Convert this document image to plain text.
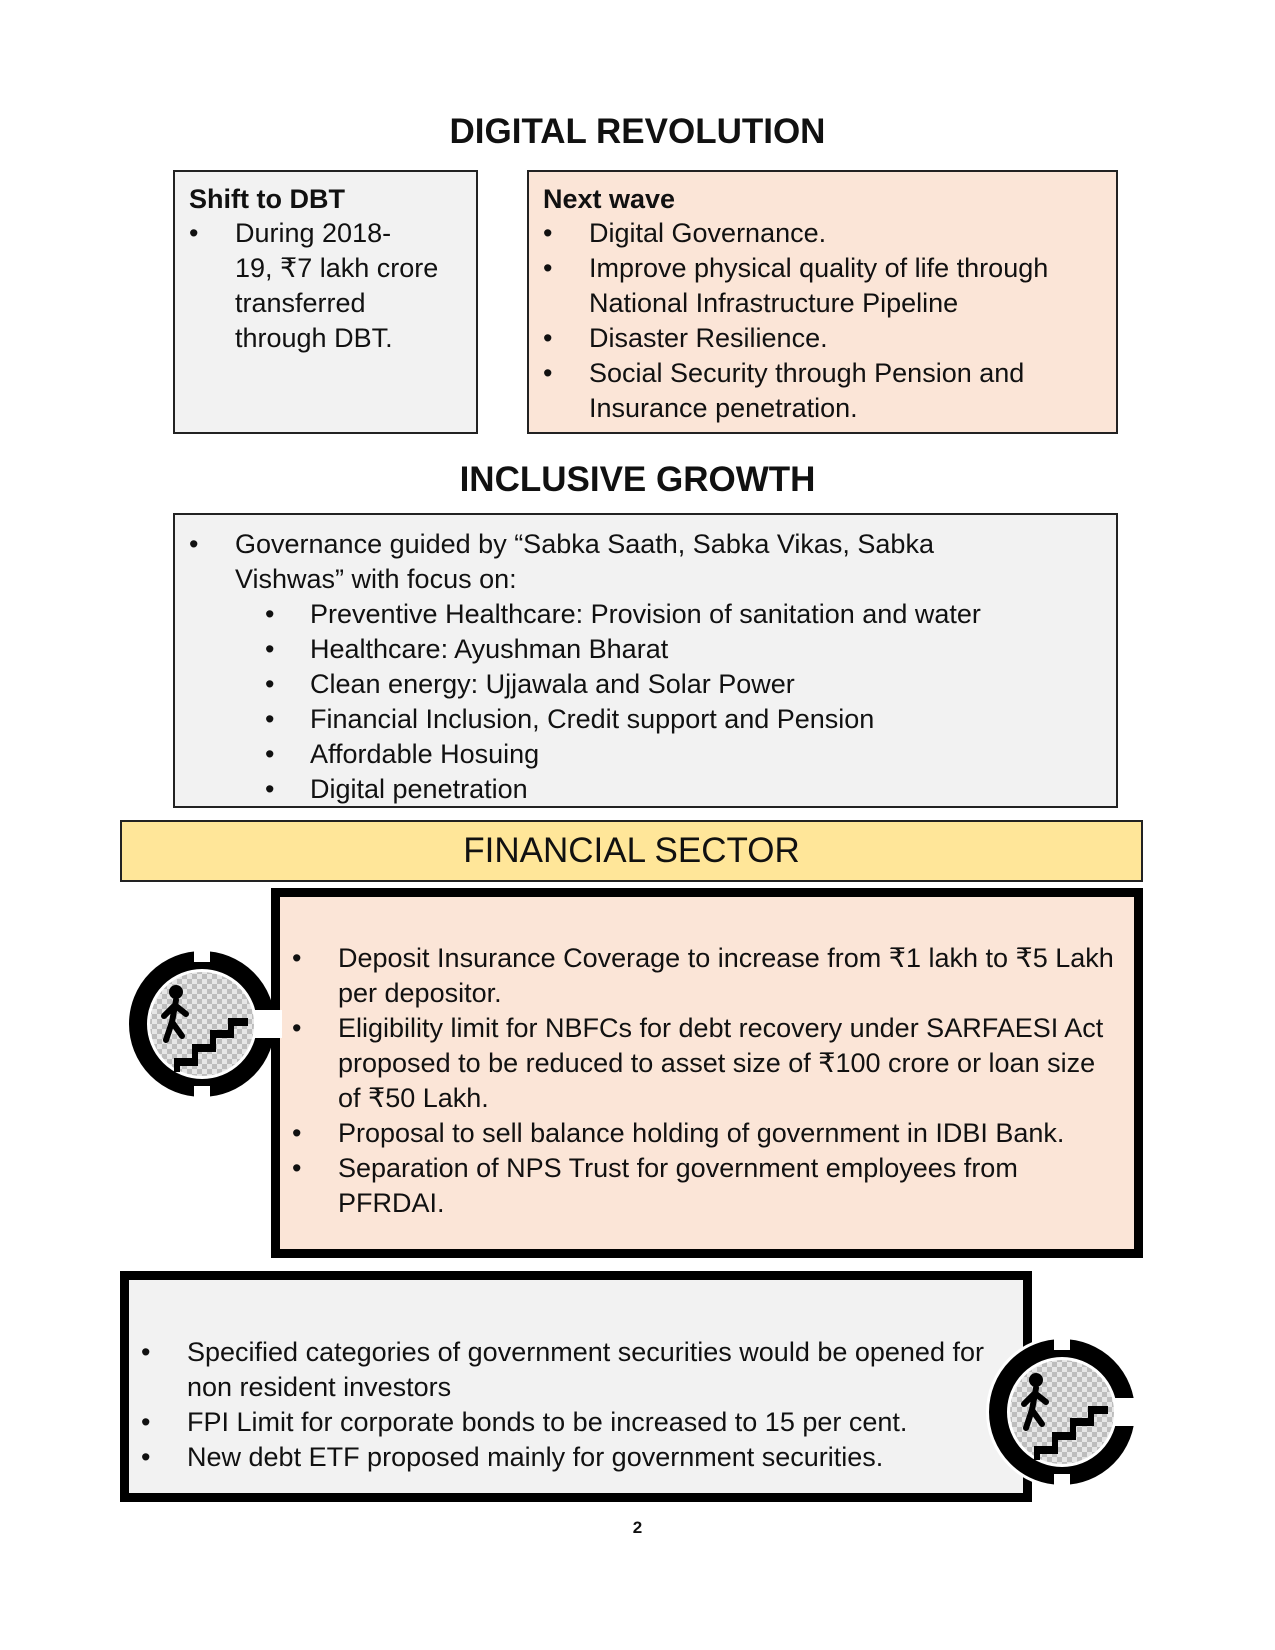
DIGITAL REVOLUTION
Shift to DBT
• During 2018-
19, ₹7 lakh crore
transferred
through DBT.
Next wave
• Digital Governance.
• Improve physical quality of life through National Infrastructure Pipeline
• Disaster Resilience.
• Social Security through Pension and Insurance penetration.
INCLUSIVE GROWTH
• Governance guided by “Sabka Saath, Sabka Vikas, Sabka Vishwas” with focus on:
• Preventive Healthcare: Provision of sanitation and water
• Healthcare: Ayushman Bharat
• Clean energy: Ujjawala and Solar Power
• Financial Inclusion, Credit support and Pension
• Affordable Hosuing
• Digital penetration
FINANCIAL SECTOR
• Deposit Insurance Coverage to increase from ₹1 lakh to ₹5 Lakh per depositor.
• Eligibility limit for NBFCs for debt recovery under SARFAESI Act proposed to be reduced to asset size of ₹100 crore or loan size of ₹50 Lakh.
• Proposal to sell balance holding of government in IDBI Bank.
• Separation of NPS Trust for government employees from PFRDAI.
• Specified categories of government securities would be opened for non resident investors
• FPI Limit for corporate bonds to be increased to 15 per cent.
• New debt ETF proposed mainly for government securities.
2
